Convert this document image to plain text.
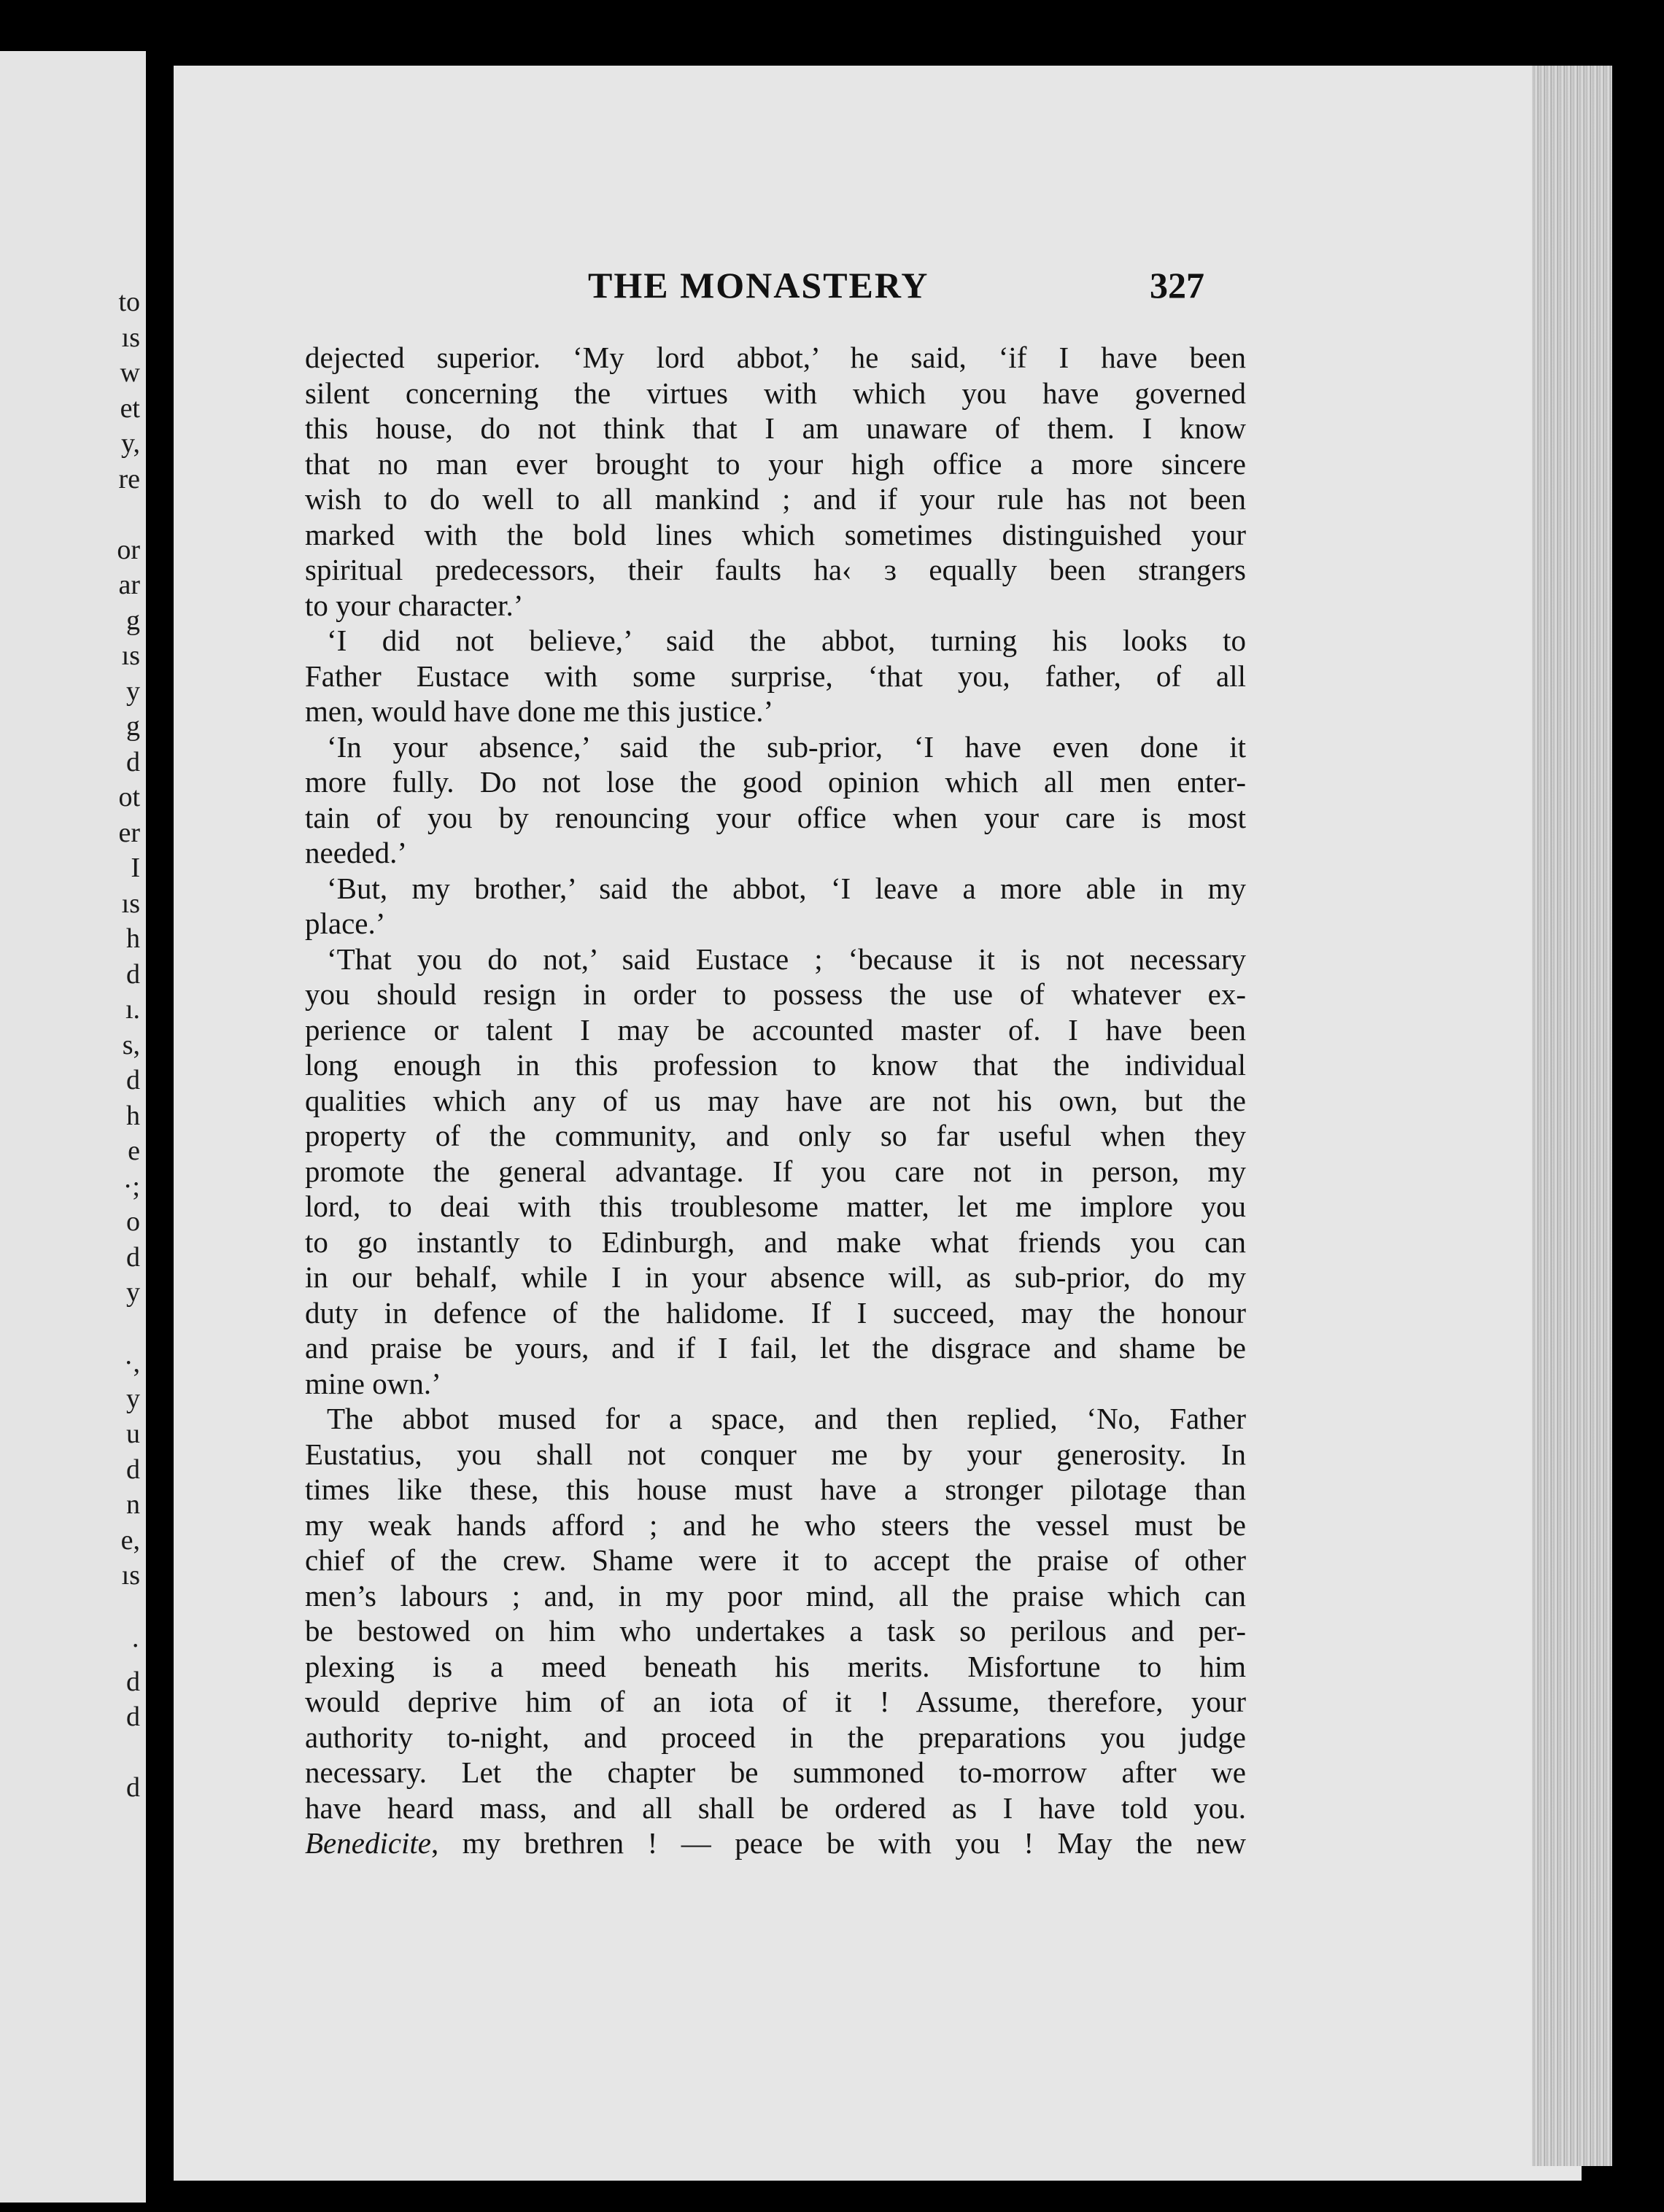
to
ıs
w
et
y,
re
or
ar
g
ıs
y
g
d
ot
er
I
ıs
h
d
ı.
s,
d
h
e
·;
o
d
y
·,
y
u
d
n
e,
ıs
·
d
d
d
THE MONASTERY	327
dejected superior. ‘My lord abbot,’ he said, ‘if I have been
silent concerning the virtues with which you have governed
this house, do not think that I am unaware of them. I know
that no man ever brought to your high office a more sincere
wish to do well to all mankind ; and if your rule has not been
marked with the bold lines which sometimes distinguished your
spiritual predecessors, their faults ha‹ ɜ equally been strangers
to your character.’
‘I did not believe,’ said the abbot, turning his looks to
Father Eustace with some surprise, ‘that you, father, of all
men, would have done me this justice.’
‘In your absence,’ said the sub-prior, ‘I have even done it
more fully. Do not lose the good opinion which all men enter-
tain of you by renouncing your office when your care is most
needed.’
‘But, my brother,’ said the abbot, ‘I leave a more able in my
place.’
‘That you do not,’ said Eustace ; ‘because it is not necessary
you should resign in order to possess the use of whatever ex-
perience or talent I may be accounted master of. I have been
long enough in this profession to know that the individual
qualities which any of us may have are not his own, but the
property of the community, and only so far useful when they
promote the general advantage. If you care not in person, my
lord, to deai with this troublesome matter, let me implore you
to go instantly to Edinburgh, and make what friends you can
in our behalf, while I in your absence will, as sub-prior, do my
duty in defence of the halidome. If I succeed, may the honour
and praise be yours, and if I fail, let the disgrace and shame be
mine own.’
The abbot mused for a space, and then replied, ‘No, Father
Eustatius, you shall not conquer me by your generosity. In
times like these, this house must have a stronger pilotage than
my weak hands afford ; and he who steers the vessel must be
chief of the crew. Shame were it to accept the praise of other
men’s labours ; and, in my poor mind, all the praise which can
be bestowed on him who undertakes a task so perilous and per-
plexing is a meed beneath his merits. Misfortune to him
would deprive him of an iota of it ! Assume, therefore, your
authority to-night, and proceed in the preparations you judge
necessary. Let the chapter be summoned to-morrow after we
have heard mass, and all shall be ordered as I have told you.
Benedicite, my brethren ! — peace be with you ! May the new
